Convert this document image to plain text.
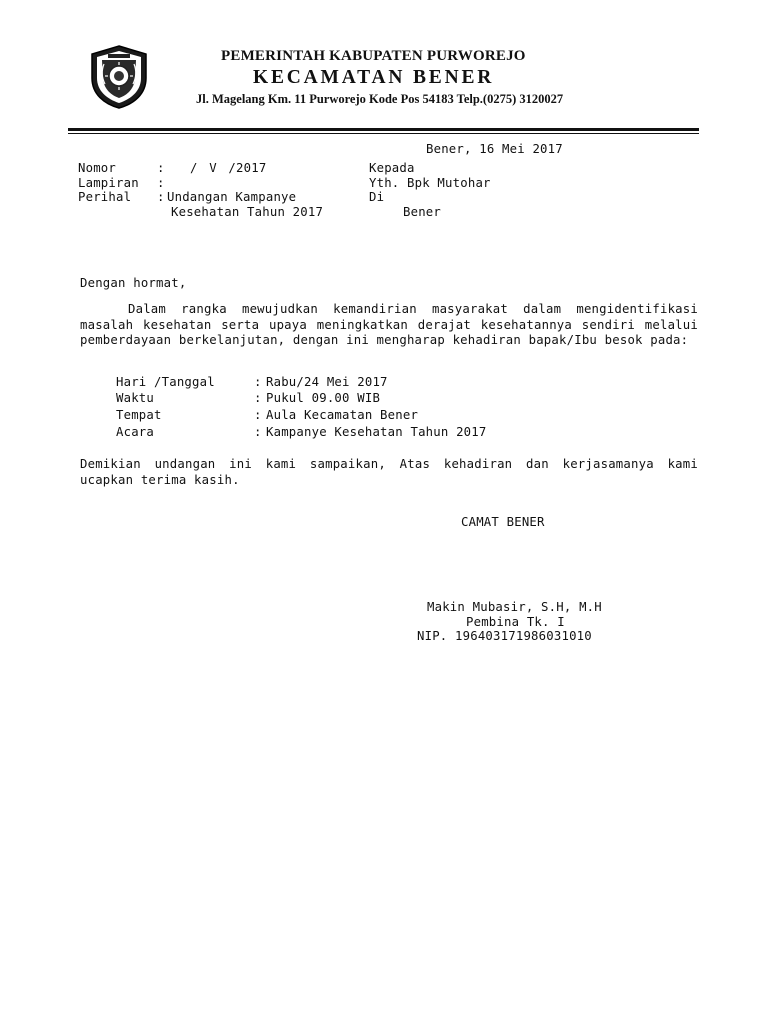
PEMERINTAH KABUPATEN PURWOREJO
KECAMATAN BENER
Jl. Magelang Km. 11 Purworejo Kode Pos 54183 Telp.(0275) 3120027
Bener, 16 Mei 2017
Nomor	: / V /2017
Lampiran :
Perihal : Undangan Kampanye
Kesehatan Tahun 2017
Kepada
Yth. Bpk Mutohar
Di
Bener
Dengan hormat,
Dalam rangka mewujudkan kemandirian masyarakat dalam mengidentifikasi masalah kesehatan serta upaya meningkatkan derajat kesehatannya sendiri melalui pemberdayaan berkelanjutan, dengan ini mengharap kehadiran bapak/Ibu besok pada:
Hari /Tanggal	: Rabu/24 Mei 2017
Waktu	: Pukul 09.00 WIB
Tempat	: Aula Kecamatan Bener
Acara	: Kampanye Kesehatan Tahun 2017
Demikian undangan ini kami sampaikan, Atas kehadiran dan kerjasamanya kami ucapkan terima kasih.
CAMAT BENER
Makin Mubasir, S.H, M.H
Pembina Tk. I
NIP. 196403171986031010
